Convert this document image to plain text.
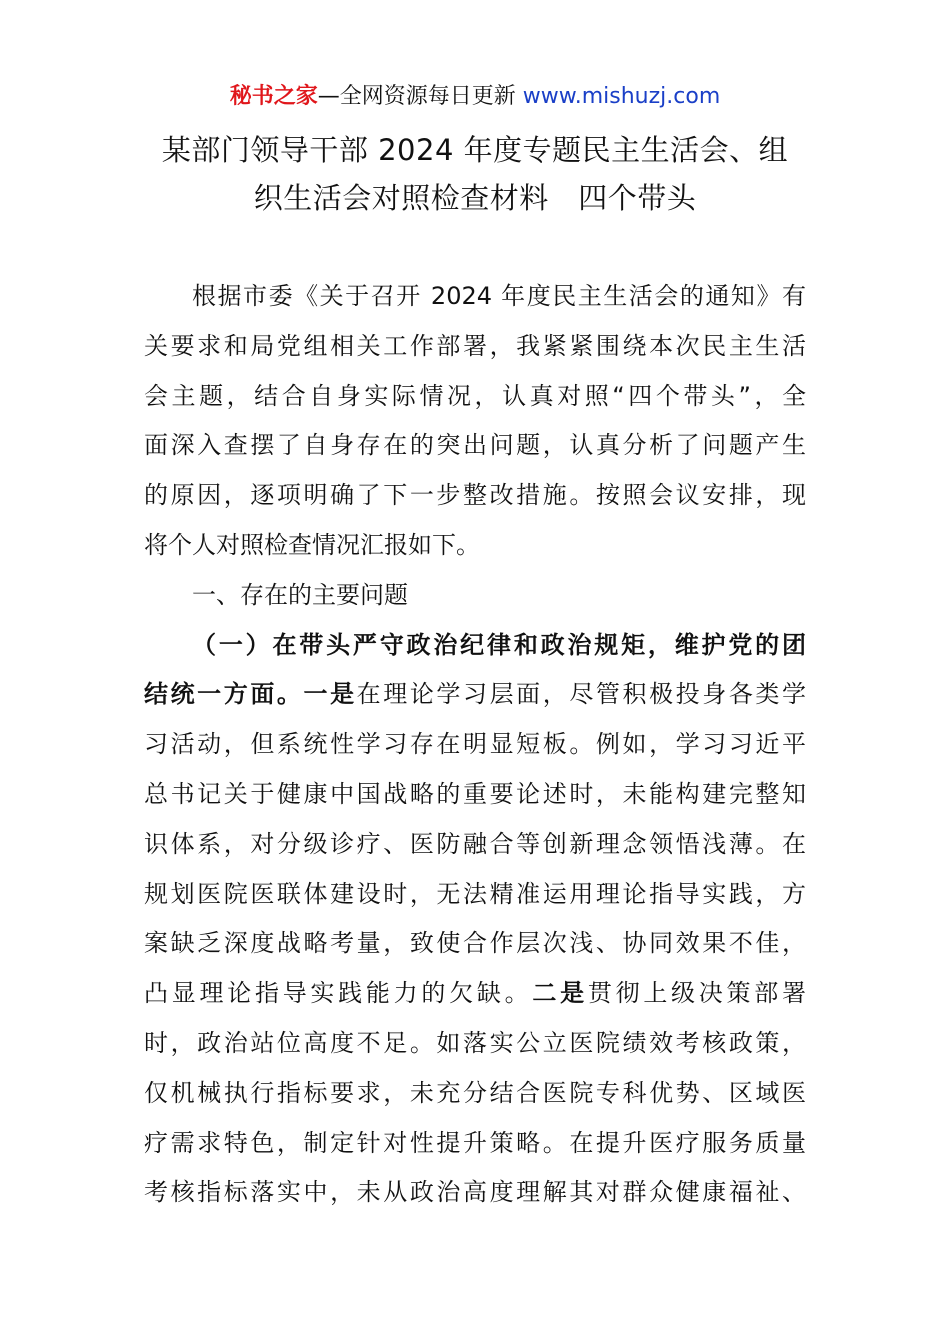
秘书之家—全网资源每日更新 www.mishuzj.com
某部门领导干部 2024 年度专题民主生活会、组
织生活会对照检查材料　四个带头
根据市委《关于召开 2024 年度民主生活会的通知》有
关要求和局党组相关工作部署，我紧紧围绕本次民主生活
会主题，结合自身实际情况，认真对照“四个带头”，全
面深入查摆了自身存在的突出问题，认真分析了问题产生
的原因，逐项明确了下一步整改措施。按照会议安排，现
将个人对照检查情况汇报如下。
一、存在的主要问题
（一）在带头严守政治纪律和政治规矩，维护党的团
结统一方面。一是在理论学习层面，尽管积极投身各类学
习活动，但系统性学习存在明显短板。例如，学习习近平
总书记关于健康中国战略的重要论述时，未能构建完整知
识体系，对分级诊疗、医防融合等创新理念领悟浅薄。在
规划医院医联体建设时，无法精准运用理论指导实践，方
案缺乏深度战略考量，致使合作层次浅、协同效果不佳，
凸显理论指导实践能力的欠缺。二是贯彻上级决策部署
时，政治站位高度不足。如落实公立医院绩效考核政策，
仅机械执行指标要求，未充分结合医院专科优势、区域医
疗需求特色，制定针对性提升策略。在提升医疗服务质量
考核指标落实中，未从政治高度理解其对群众健康福祉、
